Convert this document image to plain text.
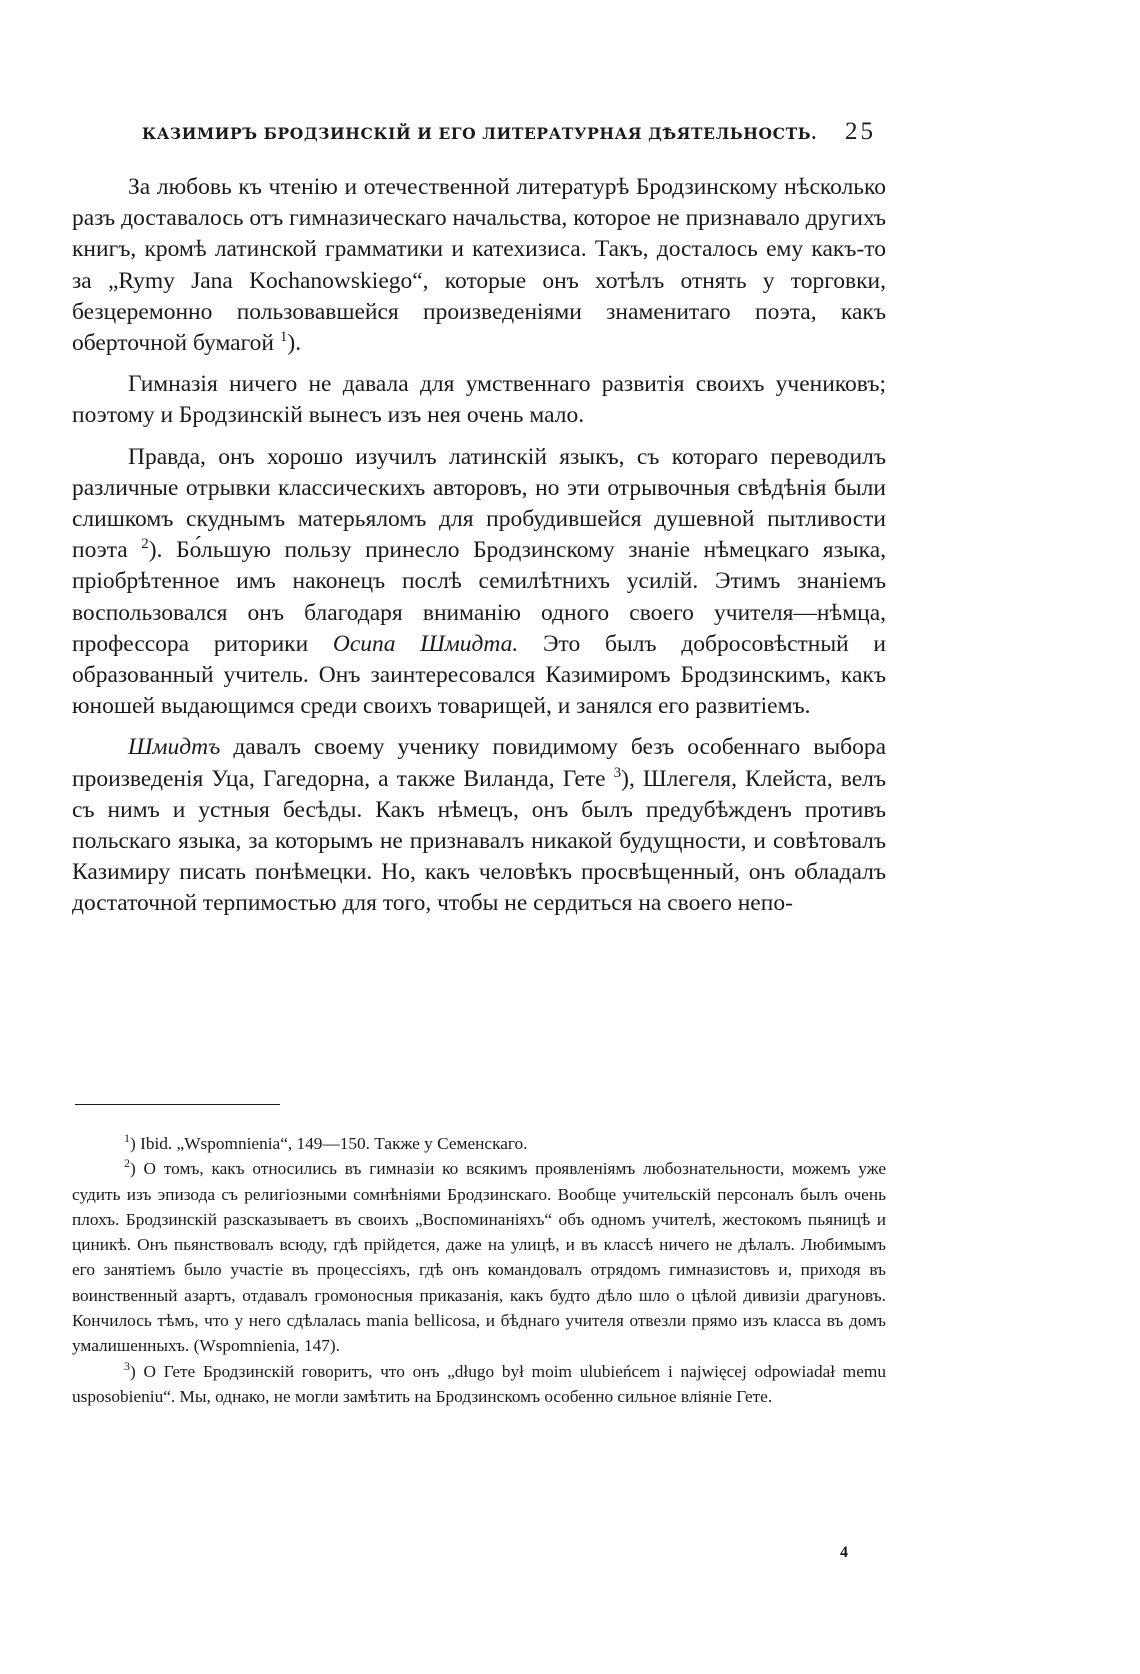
КАЗИМИРЪ БРОДЗИНСКІЙ И ЕГО ЛИТЕРАТУРНАЯ ДѢЯТЕЛЬНОСТЬ. 25

За любовь къ чтенію и отечественной литературѣ Бродзинскому нѣсколько разъ доставалось отъ гимназическаго начальства, которое не признавало другихъ книгъ, кромѣ латинской грамматики и катехизиса. Такъ, досталось ему какъ-то за „Rymy Jana Kochanowskiego“, которые онъ хотѣлъ отнять у торговки, безцеремонно пользовавшейся произведеніями знаменитаго поэта, какъ оберточной бумагой $^1$).

Гимназія ничего не давала для умственнаго развитія своихъ учениковъ; поэтому и Бродзинскій вынесъ изъ нея очень мало.

Правда, онъ хорошо изучилъ латинскій языкъ, съ котораго переводилъ различные отрывки классическихъ авторовъ, но эти отрывочныя свѣдѣнія были слишкомъ скуднымъ матерьяломъ для пробудившейся душевной пытливости поэта $^2$). Бо́льшую пользу принесло Бродзинскому знаніе нѣмецкаго языка, пріобрѣтенное имъ наконецъ послѣ семилѣтнихъ усилій. Этимъ знаніемъ воспользовался онъ благодаря вниманію одного своего учителя—нѣмца, профессора риторики Осипа Шмидта. Это былъ добросовѣстный и образованный учитель. Онъ заинтересовался Казимиромъ Бродзинскимъ, какъ юношей выдающимся среди своихъ товарищей, и занялся его развитіемъ.

Шмидтъ давалъ своему ученику повидимому безъ особеннаго выбора произведенія Уца, Гагедорна, а также Виланда, Гете $^3$), Шлегеля, Клейста, велъ съ нимъ и устныя бесѣды. Какъ нѣмецъ, онъ былъ предубѣжденъ противъ польскаго языка, за которымъ не признавалъ никакой будущности, и совѣтовалъ Казимиру писать понѣмецки. Но, какъ человѣкъ просвѣщенный, онъ обладалъ достаточной терпимостью для того, чтобы не сердиться на своего непо-

$^1$) Ibid. „Wspomnienia“, 149—150. Также у Семенскаго.

$^2$) О томъ, какъ относились въ гимназіи ко всякимъ проявленіямъ любознательности, можемъ уже судить изъ эпизода съ религіозными сомнѣніями Бродзинскаго. Вообще учительскій персоналъ былъ очень плохъ. Бродзинскій разсказываетъ въ своихъ „Воспоминаніяхъ“ объ одномъ учителѣ, жестокомъ пьяницѣ и циникѣ. Онъ пьянствовалъ всюду, гдѣ прійдется, даже на улицѣ, и въ классѣ ничего не дѣлалъ. Любимымъ его занятіемъ было участіе въ процессіяхъ, гдѣ онъ командовалъ отрядомъ гимназистовъ и, приходя въ воинственный азартъ, отдавалъ громоносныя приказанія, какъ будто дѣло шло о цѣлой дивизіи драгуновъ. Кончилось тѣмъ, что у него сдѣлалась mania bellicosa, и бѣднаго учителя отвезли прямо изъ класса въ домъ умалишенныхъ. (Wspomnienia, 147).

$^3$) О Гете Бродзинскій говоритъ, что онъ „długo był moim ulubieńcem i najwięcej odpowiadał memu usposobieniu“. Мы, однако, не могли замѣтить на Бродзинскомъ особенно сильное вліяніе Гете.

4
